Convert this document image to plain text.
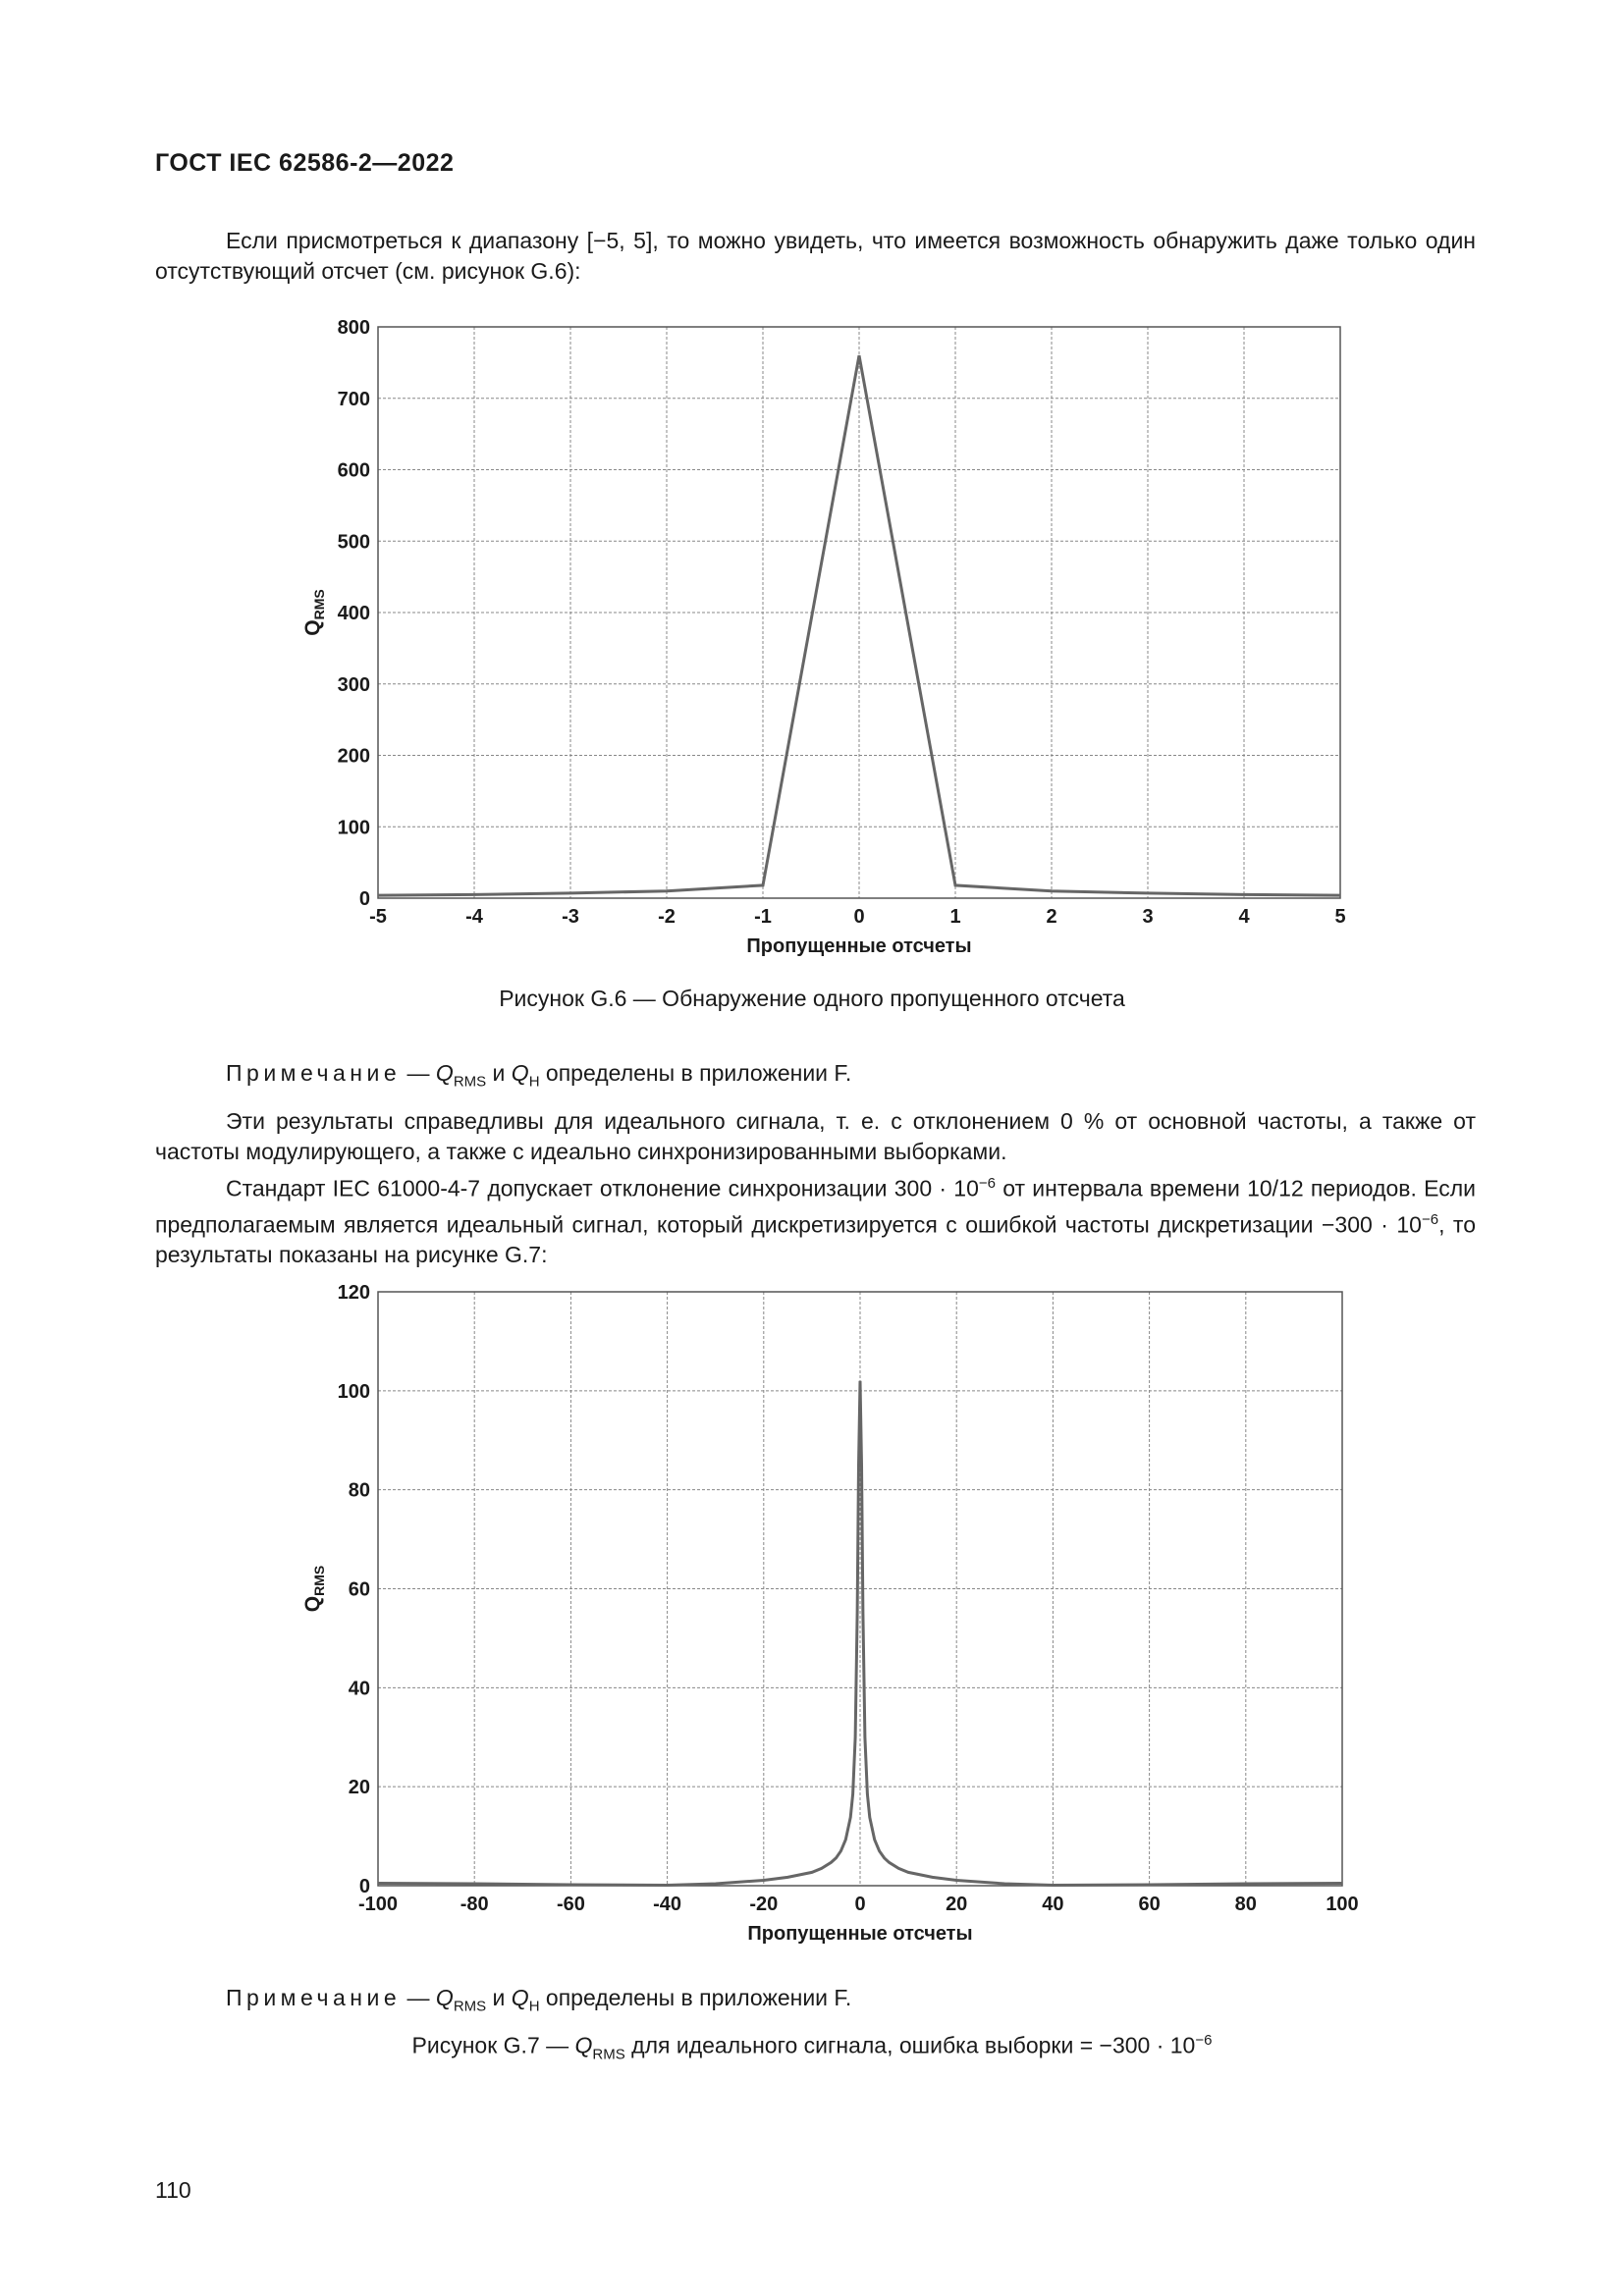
ГОСТ IEC 62586-2—2022

Если присмотреться к диапазону [−5, 5], то можно увидеть, что имеется возможность обнаружить даже только один отсутствующий отсчет (см. рисунок G.6):

0
100
200
300
400
500
600
700
800
-5	-4	-3	-2	-1	0	1	2	3	4	5
Пропущенные отсчеты
$Q_{RMS}$
Рисунок G.6 — Обнаружение одного пропущенного отсчета
Примечание — $Q_{RMS}$ и $Q_H$ определены в приложении F.

Эти результаты справедливы для идеального сигнала, т. е. с отклонением 0 % от основной частоты, а также от частоты модулирующего, а также с идеально синхронизированными выборками.

Стандарт IEC 61000-4-7 допускает отклонение синхронизации $300 \cdot 10^{-6}$ от интервала времени 10/12 периодов. Если предполагаемым является идеальный сигнал, который дискретизируется с ошибкой частоты дискретизации $-300 \cdot 10^{-6}$, то результаты показаны на рисунке G.7:

0
20
40
60
80
100
120
-100	-80	-60	-40	-20	0	20	40	60	80	100
Пропущенные отсчеты
$Q_{RMS}$
Примечание — $Q_{RMS}$ и $Q_H$ определены в приложении F.
Рисунок G.7 — $Q_{RMS}$ для идеального сигнала, ошибка выборки = $-300 \cdot 10^{-6}$
110
